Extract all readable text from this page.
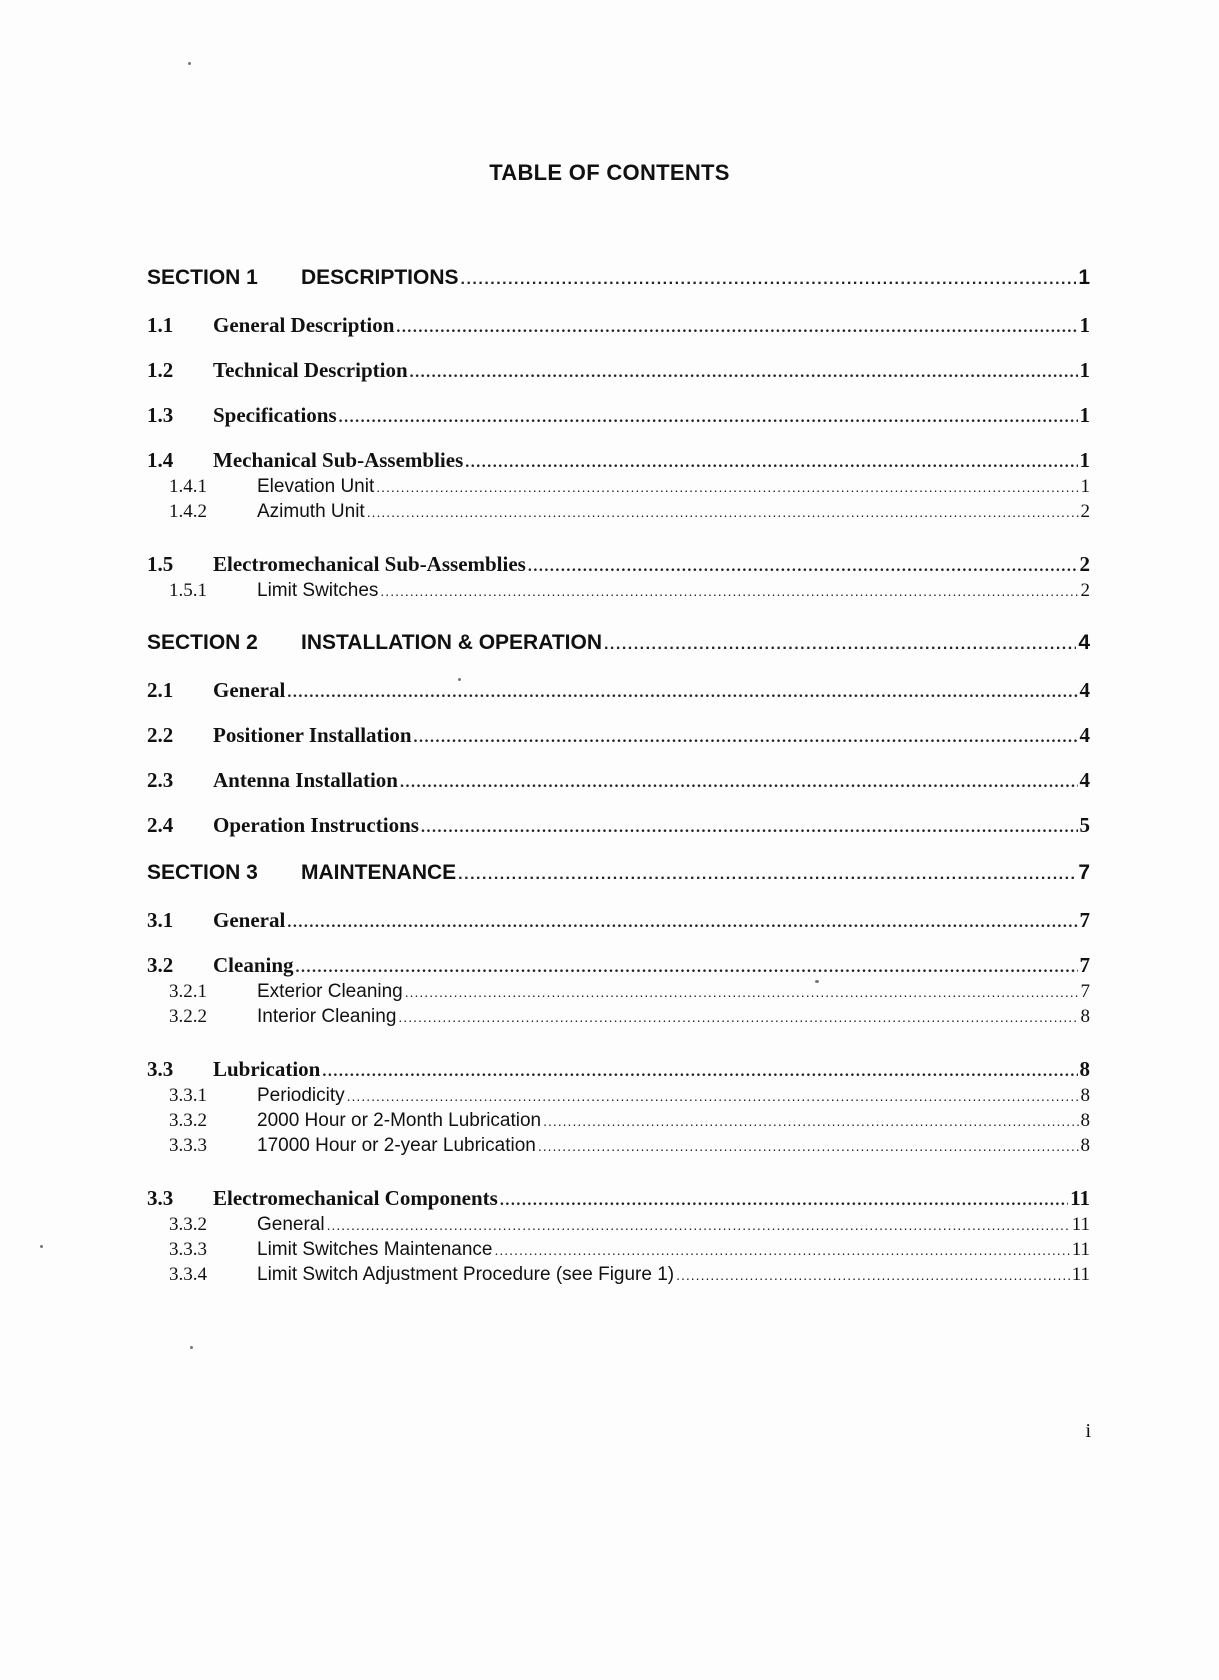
TABLE OF CONTENTS
SECTION 1	DESCRIPTIONS .....	1
1.1	General Description .....	1
1.2	Technical Description .....	1
1.3	Specifications .....	1
1.4	Mechanical Sub-Assemblies .....	1
1.4.1	Elevation Unit .....	1
1.4.2	Azimuth Unit .....	2
1.5	Electromechanical Sub-Assemblies .....	2
1.5.1	Limit Switches .....	2
SECTION 2	INSTALLATION & OPERATION .....	4
2.1	General .....	4
2.2	Positioner Installation .....	4
2.3	Antenna Installation .....	4
2.4	Operation Instructions .....	5
SECTION 3	MAINTENANCE .....	7
3.1	General .....	7
3.2	Cleaning .....	7
3.2.1	Exterior Cleaning .....	7
3.2.2	Interior Cleaning .....	8
3.3	Lubrication .....	8
3.3.1	Periodicity .....	8
3.3.2	2000 Hour or 2-Month Lubrication .....	8
3.3.3	17000 Hour or 2-year Lubrication .....	8
3.3	Electromechanical Components .....	11
3.3.2	General .....	11
3.3.3	Limit Switches Maintenance .....	11
3.3.4	Limit Switch Adjustment Procedure (see Figure 1) .....	11
i
